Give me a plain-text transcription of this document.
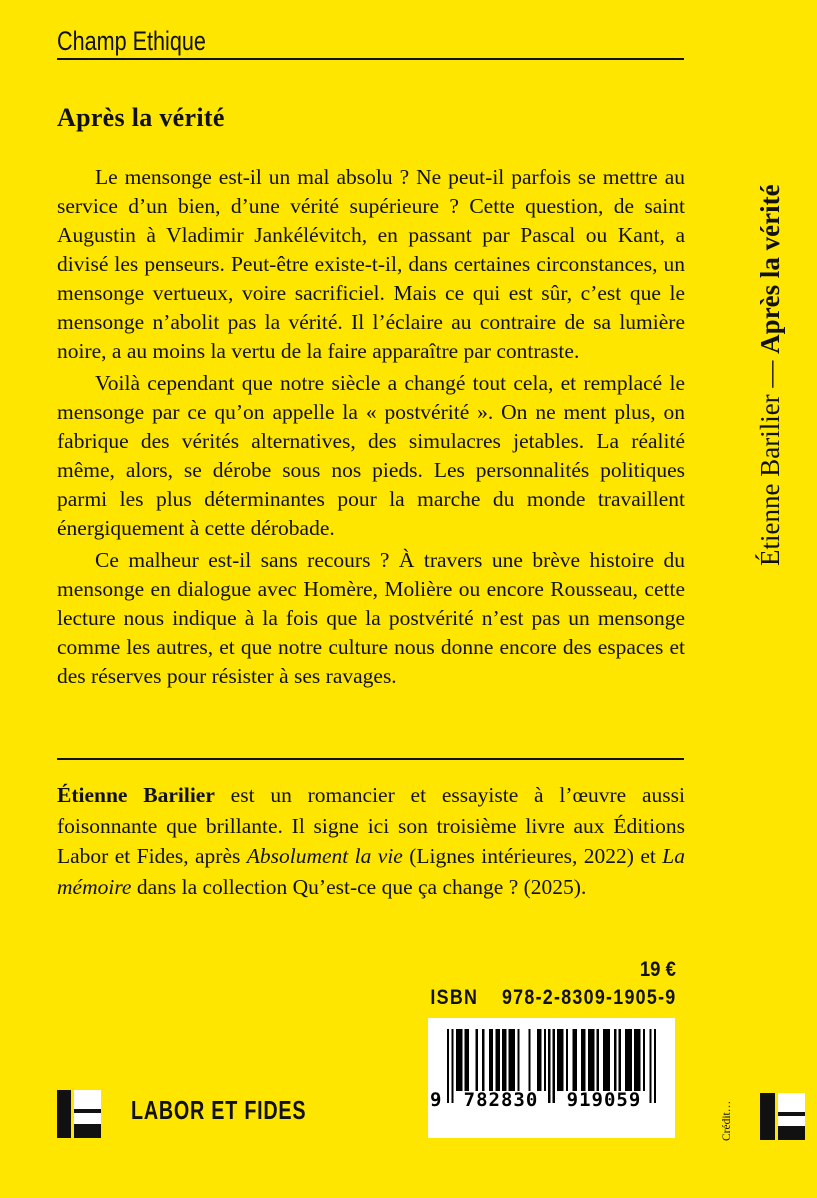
Champ Ethique
Après la vérité

Le mensonge est-il un mal absolu ? Ne peut-il parfois se mettre au service d’un bien, d’une vérité supérieure ? Cette question, de saint Augustin à Vladimir Jankélévitch, en passant par Pascal ou Kant, a divisé les penseurs. Peut-être existe-t-il, dans certaines circonstances, un mensonge vertueux, voire sacrificiel. Mais ce qui est sûr, c’est que le mensonge n’abolit pas la vérité. Il l’éclaire au contraire de sa lumière noire, a au moins la vertu de la faire apparaître par contraste.

Voilà cependant que notre siècle a changé tout cela, et remplacé le mensonge par ce qu’on appelle la « postvérité ». On ne ment plus, on fabrique des vérités alternatives, des simulacres jetables. La réalité même, alors, se dérobe sous nos pieds. Les personnalités politiques parmi les plus déterminantes pour la marche du monde travaillent énergiquement à cette dérobade.

Ce malheur est-il sans recours ? À travers une brève histoire du mensonge en dialogue avec Homère, Molière ou encore Rousseau, cette lecture nous indique à la fois que la postvérité n’est pas un mensonge comme les autres, et que notre culture nous donne encore des espaces et des réserves pour résister à ses ravages.

Étienne Barilier est un romancier et essayiste à l’œuvre aussi foisonnante que brillante. Il signe ici son troisième livre aux Éditions Labor et Fides, après Absolument la vie (Lignes intérieures, 2022) et La mémoire dans la collection Qu’est-ce que ça change ? (2025).
19 €
ISBN 978-2-8309-1905-9
9	782830	919059
LABOR ET FIDES	Crédit…
Étienne Barilier — Après la vérité
